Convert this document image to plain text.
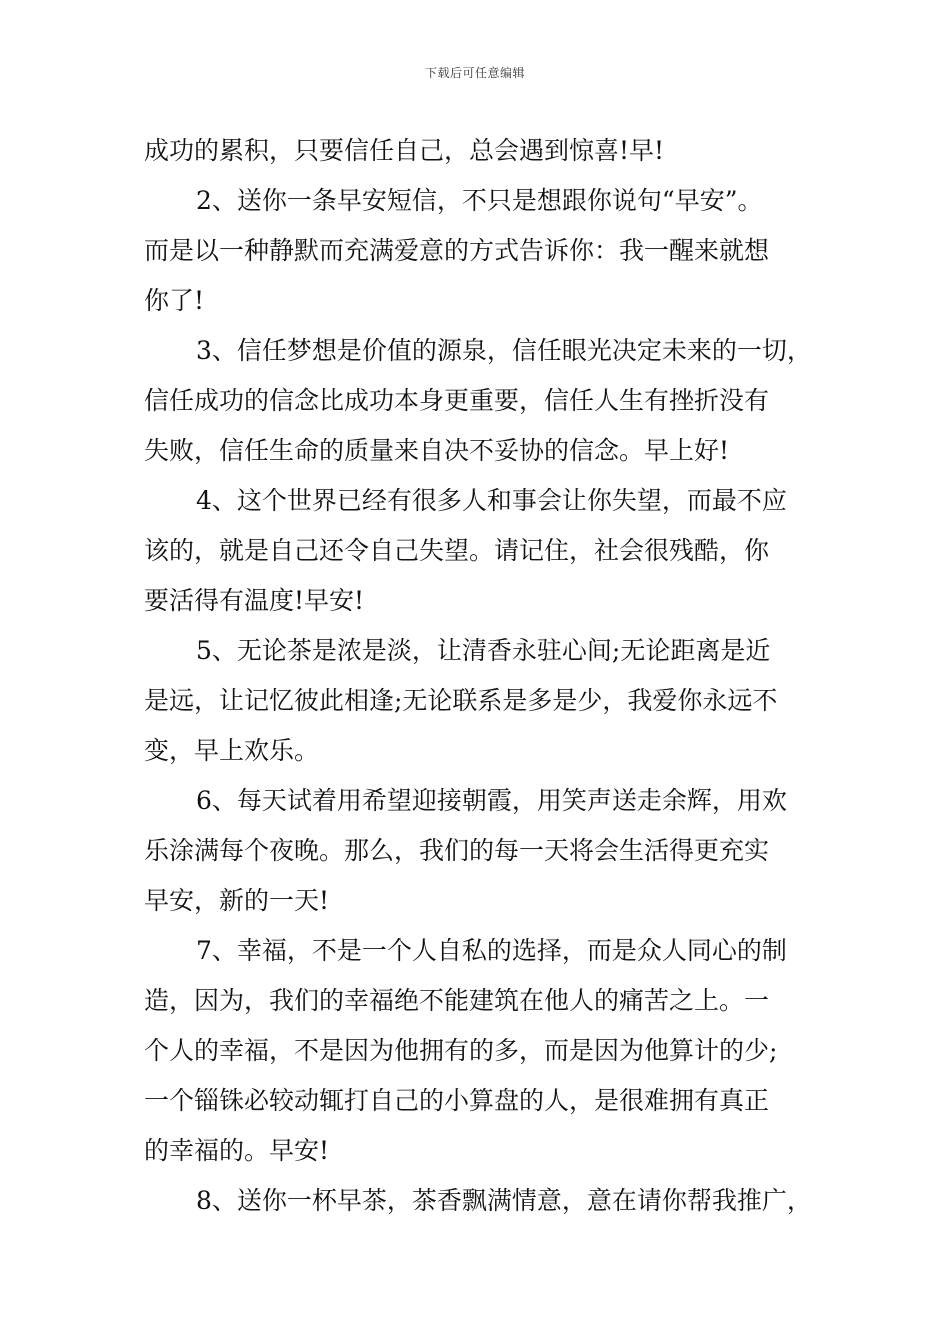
下载后可任意编辑
成功的累积，只要信任自己，总会遇到惊喜!早!
2、送你一条早安短信，不只是想跟你说句“早安”。
而是以一种静默而充满爱意的方式告诉你：我一醒来就想
你了!
3、信任梦想是价值的源泉，信任眼光决定未来的一切，
信任成功的信念比成功本身更重要，信任人生有挫折没有
失败，信任生命的质量来自决不妥协的信念。早上好!
4、这个世界已经有很多人和事会让你失望，而最不应
该的，就是自己还令自己失望。请记住，社会很残酷，你
要活得有温度!早安!
5、无论茶是浓是淡，让清香永驻心间;无论距离是近
是远，让记忆彼此相逢;无论联系是多是少，我爱你永远不
变，早上欢乐。
6、每天试着用希望迎接朝霞，用笑声送走余辉，用欢
乐涂满每个夜晚。那么，我们的每一天将会生活得更充实
早安，新的一天!
7、幸福，不是一个人自私的选择，而是众人同心的制
造，因为，我们的幸福绝不能建筑在他人的痛苦之上。一
个人的幸福，不是因为他拥有的多，而是因为他算计的少;
一个锱铢必较动辄打自己的小算盘的人，是很难拥有真正
的幸福的。早安!
8、送你一杯早茶，茶香飘满情意，意在请你帮我推广，
